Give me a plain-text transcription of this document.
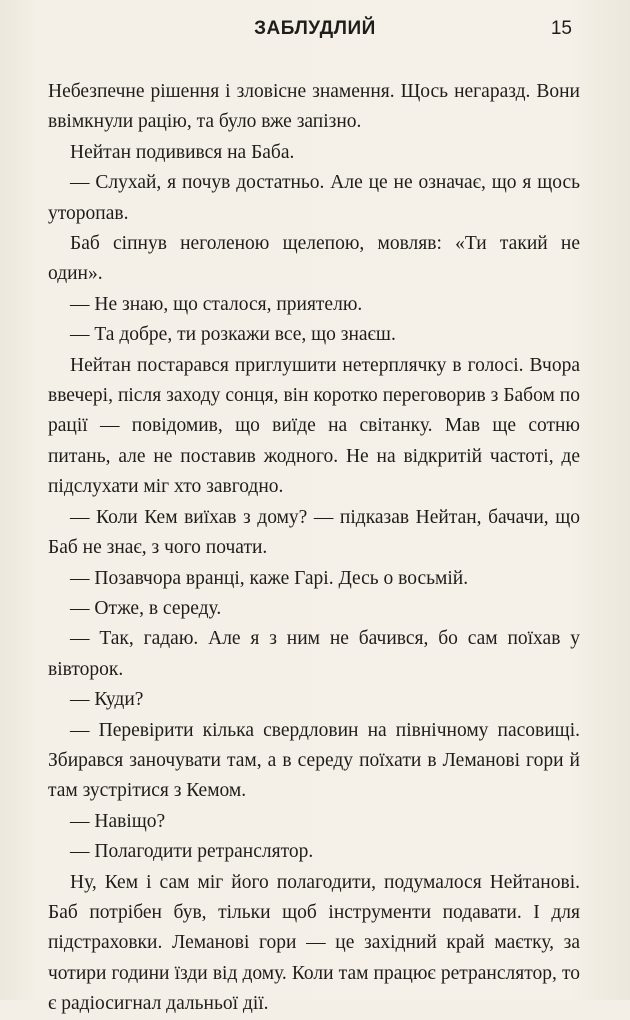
ЗАБЛУДЛИЙ	15

Небезпечне рішення і зловісне знамення. Щось негаразд. Вони ввімкнули рацію, та було вже запізно.

Нейтан подивився на Баба.

— Слухай, я почув достатньо. Але це не означає, що я щось уторопав.

Баб сіпнув неголеною щелепою, мовляв: «Ти такий не один».

— Не знаю, що сталося, приятелю.

— Та добре, ти розкажи все, що знаєш.

Нейтан постарався приглушити нетерплячку в голосі. Вчора ввечері, після заходу сонця, він коротко переговорив з Бабом по рації — повідомив, що виїде на світанку. Мав ще сотню питань, але не поставив жодного. Не на відкритій частоті, де підслухати міг хто завгодно.

— Коли Кем виїхав з дому? — підказав Нейтан, бачачи, що Баб не знає, з чого почати.

— Позавчора вранці, каже Гарі. Десь о восьмій.

— Отже, в середу.

— Так, гадаю. Але я з ним не бачився, бо сам поїхав у вівторок.

— Куди?

— Перевірити кілька свердловин на північному пасовищі. Збирався заночувати там, а в середу поїхати в Леманові гори й там зустрітися з Кемом.

— Навіщо?

— Полагодити ретранслятор.

Ну, Кем і сам міг його полагодити, подумалося Нейтанові. Баб потрібен був, тільки щоб інструменти подавати. І для підстраховки. Леманові гори — це західний край маєтку, за чотири години їзди від дому. Коли там працює ретранслятор, то є радіосигнал дальньої дії.
